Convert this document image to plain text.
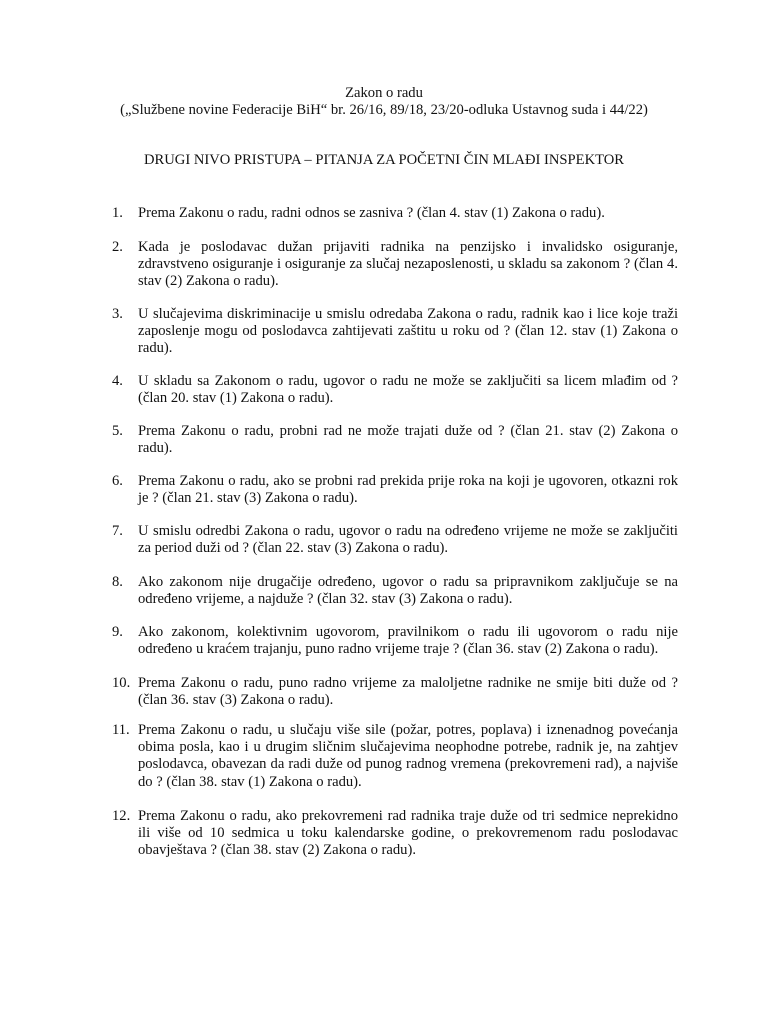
Zakon o radu
(„Službene novine Federacije BiH“ br. 26/16, 89/18, 23/20-odluka Ustavnog suda i 44/22)
DRUGI NIVO PRISTUPA – PITANJA ZA POČETNI ČIN MLAĐI INSPEKTOR
1.	Prema Zakonu o radu, radni odnos se zasniva ? (član 4. stav (1) Zakona o radu).
2.	Kada je poslodavac dužan prijaviti radnika na penzijsko i invalidsko osiguranje, zdravstveno osiguranje i osiguranje za slučaj nezaposlenosti, u skladu sa zakonom ? (član 4. stav (2) Zakona o radu).
3.	U slučajevima diskriminacije u smislu odredaba Zakona o radu, radnik kao i lice koje traži zaposlenje mogu od poslodavca zahtijevati zaštitu u roku od ? (član 12. stav (1) Zakona o radu).
4.	U skladu sa Zakonom o radu, ugovor o radu ne može se zaključiti sa licem mlađim od ? (član 20. stav (1) Zakona o radu).
5.	Prema Zakonu o radu, probni rad ne može trajati duže od ? (član 21. stav (2) Zakona o radu).
6.	Prema Zakonu o radu, ako se probni rad prekida prije roka na koji je ugovoren, otkazni rok je ? (član 21. stav (3) Zakona o radu).
7.	U smislu odredbi Zakona o radu, ugovor o radu na određeno vrijeme ne može se zaključiti za period duži od ? (član 22. stav (3) Zakona o radu).
8.	Ako zakonom nije drugačije određeno, ugovor o radu sa pripravnikom zaključuje se na određeno vrijeme, a najduže ? (član 32. stav (3) Zakona o radu).
9.	Ako zakonom, kolektivnim ugovorom, pravilnikom o radu ili ugovorom o radu nije određeno u kraćem trajanju, puno radno vrijeme traje ? (član 36. stav (2) Zakona o radu).
10. Prema Zakonu o radu, puno radno vrijeme za maloljetne radnike ne smije biti duže od ? (član 36. stav (3) Zakona o radu).
11. Prema Zakonu o radu, u slučaju više sile (požar, potres, poplava) i iznenadnog povećanja obima posla, kao i u drugim sličnim slučajevima neophodne potrebe, radnik je, na zahtjev poslodavca, obavezan da radi duže od punog radnog vremena (prekovremeni rad), a najviše do ? (član 38. stav (1) Zakona o radu).
12. Prema Zakonu o radu, ako prekovremeni rad radnika traje duže od tri sedmice neprekidno ili više od 10 sedmica u toku kalendarske godine, o prekovremenom radu poslodavac obavještava ? (član 38. stav (2) Zakona o radu).
